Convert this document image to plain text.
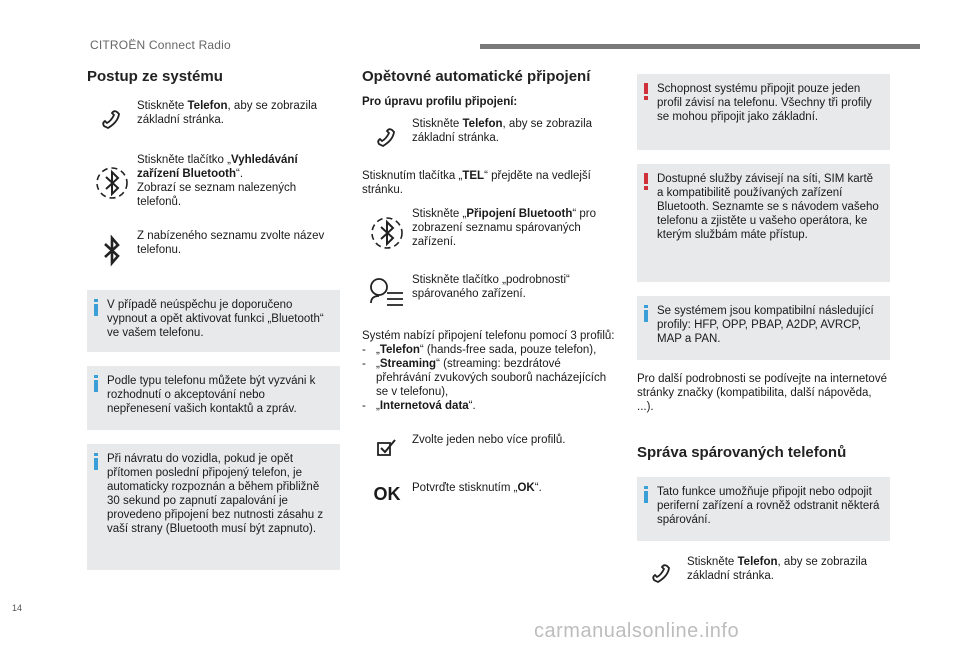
CITROËN Connect Radio
Postup ze systému
Stiskněte Telefon, aby se zobrazila základní stránka.
Stiskněte tlačítko „Vyhledávání zařízení Bluetooth“.
Zobrazí se seznam nalezených telefonů.
Z nabízeného seznamu zvolte název telefonu.
V případě neúspěchu je doporučeno vypnout a opět aktivovat funkci „Bluetooth“ ve vašem telefonu.
Podle typu telefonu můžete být vyzváni k rozhodnutí o akceptování nebo nepřenesení vašich kontaktů a zpráv.
Při návratu do vozidla, pokud je opět přítomen poslední připojený telefon, je automaticky rozpoznán a během přibližně 30 sekund po zapnutí zapalování je provedeno připojení bez nutnosti zásahu z vaší strany (Bluetooth musí být zapnuto).
Opětovné automatické připojení
Pro úpravu profilu připojení:
Stiskněte Telefon, aby se zobrazila základní stránka.
Stisknutím tlačítka „TEL“ přejděte na vedlejší stránku.
Stiskněte „Připojení Bluetooth“ pro zobrazení seznamu spárovaných zařízení.
Stiskněte tlačítko „podrobnosti“ spárovaného zařízení.
Systém nabízí připojení telefonu pomocí 3 profilů:
- „Telefon“ (hands-free sada, pouze telefon),
- „Streaming“ (streaming: bezdrátové přehrávání zvukových souborů nacházejících se v telefonu),
- „Internetová data“.
Zvolte jeden nebo více profilů.
OK	Potvrďte stisknutím „OK“.
Schopnost systému připojit pouze jeden profil závisí na telefonu. Všechny tři profily se mohou připojit jako základní.
Dostupné služby závisejí na síti, SIM kartě a kompatibilitě používaných zařízení Bluetooth. Seznamte se s návodem vašeho telefonu a zjistěte u vašeho operátora, ke kterým službám máte přístup.
Se systémem jsou kompatibilní následující profily: HFP, OPP, PBAP, A2DP, AVRCP, MAP a PAN.
Pro další podrobnosti se podívejte na internetové stránky značky (kompatibilita, další nápověda, ...).
Správa spárovaných telefonů
Tato funkce umožňuje připojit nebo odpojit periferní zařízení a rovněž odstranit některá spárování.
Stiskněte Telefon, aby se zobrazila základní stránka.
14
carmanualsonline.info
